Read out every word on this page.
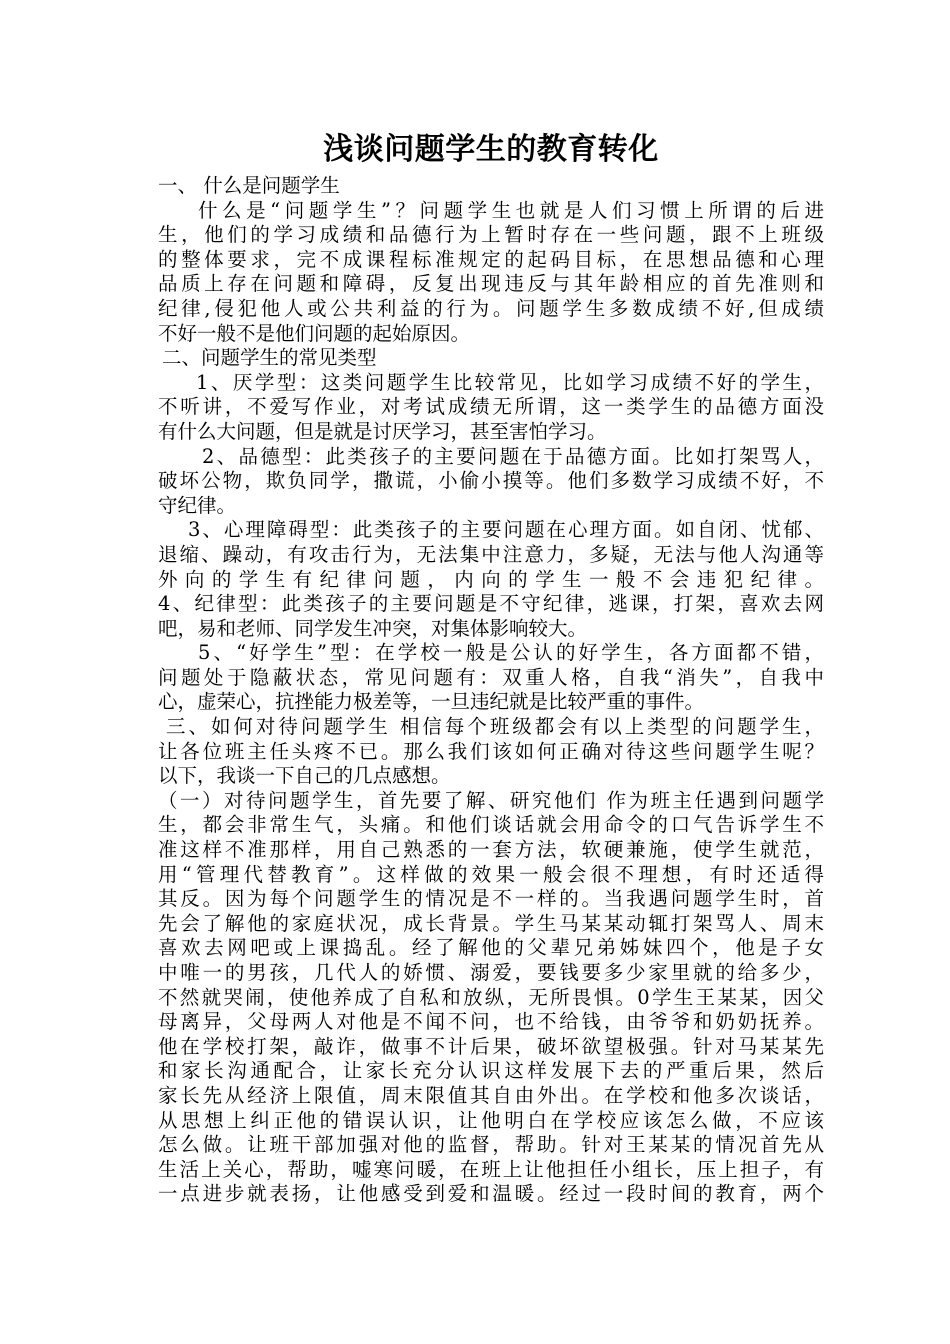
浅谈问题学生的教育转化
一、 什么是问题学生
什么是“问题学生”？问题学生也就是人们习惯上所谓的后进
生，他们的学习成绩和品德行为上暂时存在一些问题，跟不上班级
的整体要求，完不成课程标准规定的起码目标，在思想品德和心理
品质上存在问题和障碍，反复出现违反与其年龄相应的首先准则和
纪律,侵犯他人或公共利益的行为。问题学生多数成绩不好,但成绩
不好一般不是他们问题的起始原因。
二、问题学生的常见类型
1、厌学型：这类问题学生比较常见，比如学习成绩不好的学生，
不听讲，不爱写作业，对考试成绩无所谓，这一类学生的品德方面没
有什么大问题，但是就是讨厌学习，甚至害怕学习。
2、品德型：此类孩子的主要问题在于品德方面。比如打架骂人，
破坏公物，欺负同学，撒谎，小偷小摸等。他们多数学习成绩不好，不
守纪律。
3、心理障碍型：此类孩子的主要问题在心理方面。如自闭、忧郁、
退缩、躁动，有攻击行为，无法集中注意力，多疑，无法与他人沟通等
外向的学生有纪律问题，内向的学生一般不会违犯纪律。
4、纪律型：此类孩子的主要问题是不守纪律，逃课，打架，喜欢去网
吧，易和老师、同学发生冲突，对集体影响较大。
5、“好学生”型：在学校一般是公认的好学生，各方面都不错，
问题处于隐蔽状态，常见问题有：双重人格，自我“消失”，自我中
心，虚荣心，抗挫能力极差等，一旦违纪就是比较严重的事件。
三、如何对待问题学生 相信每个班级都会有以上类型的问题学生，
让各位班主任头疼不已。那么我们该如何正确对待这些问题学生呢？
以下，我谈一下自己的几点感想。
（一）对待问题学生，首先要了解、研究他们 作为班主任遇到问题学
生，都会非常生气，头痛。和他们谈话就会用命令的口气告诉学生不
准这样不准那样，用自己熟悉的一套方法，软硬兼施，使学生就范，
用“管理代替教育”。这样做的效果一般会很不理想，有时还适得
其反。因为每个问题学生的情况是不一样的。当我遇问题学生时，首
先会了解他的家庭状况，成长背景。学生马某某动辄打架骂人、周末
喜欢去网吧或上课捣乱。经了解他的父辈兄弟姊妹四个，他是子女
中唯一的男孩，几代人的娇惯、溺爱，要钱要多少家里就的给多少，
不然就哭闹，使他养成了自私和放纵，无所畏惧。0学生王某某，因父
母离异，父母两人对他是不闻不问，也不给钱，由爷爷和奶奶抚养。
他在学校打架，敲诈，做事不计后果，破坏欲望极强。针对马某某先
和家长沟通配合，让家长充分认识这样发展下去的严重后果，然后
家长先从经济上限值，周末限值其自由外出。在学校和他多次谈话，
从思想上纠正他的错误认识，让他明白在学校应该怎么做，不应该
怎么做。让班干部加强对他的监督，帮助。针对王某某的情况首先从
生活上关心，帮助，嘘寒问暖，在班上让他担任小组长，压上担子，有
一点进步就表扬，让他感受到爱和温暖。经过一段时间的教育，两个
